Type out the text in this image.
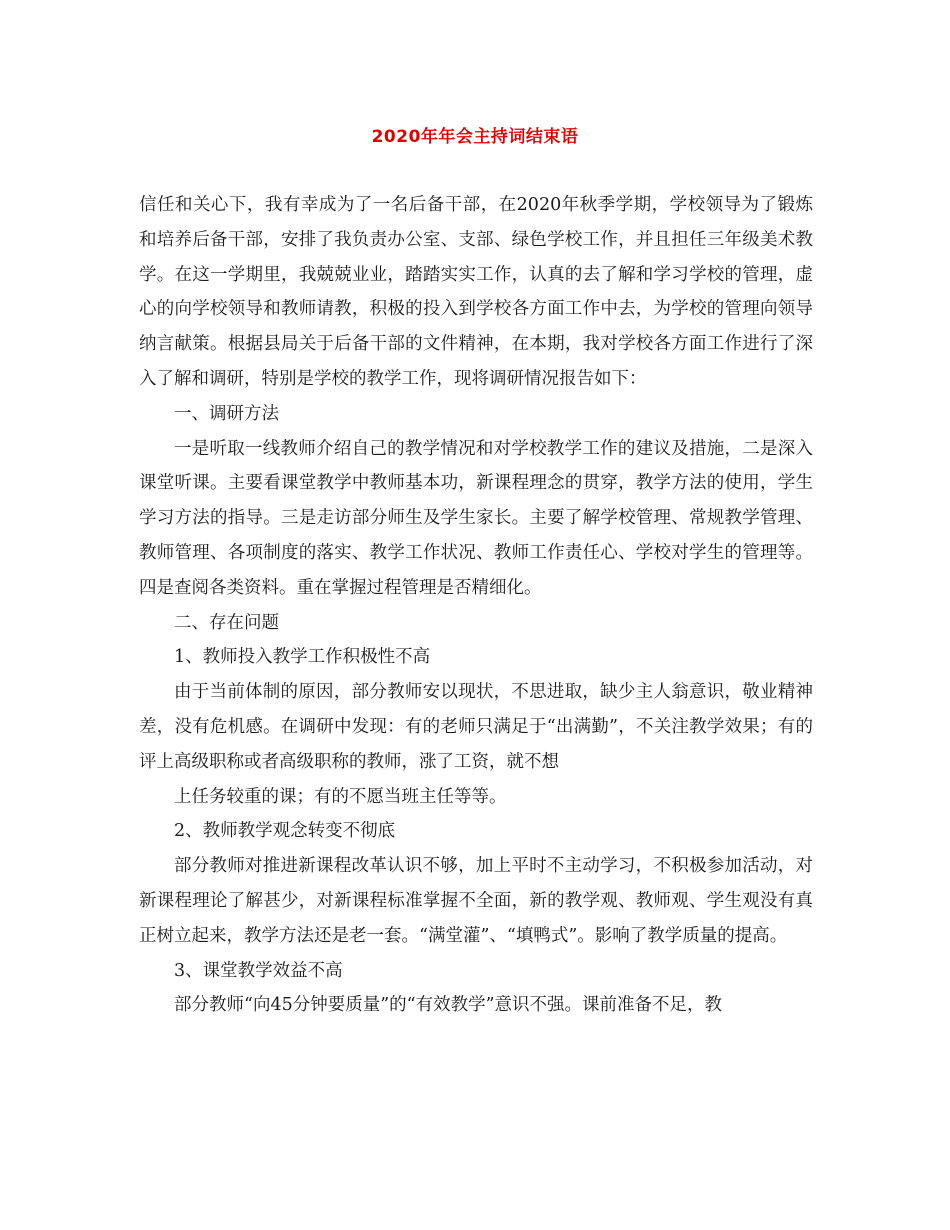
2020年年会主持词结束语

信任和关心下，我有幸成为了一名后备干部，在2020年秋季学期，学校领导为了锻炼和培养后备干部，安排了我负责办公室、支部、绿色学校工作，并且担任三年级美术教学。在这一学期里，我兢兢业业，踏踏实实工作，认真的去了解和学习学校的管理，虚心的向学校领导和教师请教，积极的投入到学校各方面工作中去，为学校的管理向领导纳言献策。根据县局关于后备干部的文件精神，在本期，我对学校各方面工作进行了深入了解和调研，特别是学校的教学工作，现将调研情况报告如下：

一、调研方法

一是听取一线教师介绍自己的教学情况和对学校教学工作的建议及措施，二是深入课堂听课。主要看课堂教学中教师基本功，新课程理念的贯穿，教学方法的使用，学生学习方法的指导。三是走访部分师生及学生家长。主要了解学校管理、常规教学管理、教师管理、各项制度的落实、教学工作状况、教师工作责任心、学校对学生的管理等。四是查阅各类资料。重在掌握过程管理是否精细化。

二、存在问题

1、教师投入教学工作积极性不高

由于当前体制的原因，部分教师安以现状，不思进取，缺少主人翁意识，敬业精神差，没有危机感。在调研中发现：有的老师只满足于“出满勤”，不关注教学效果；有的评上高级职称或者高级职称的教师，涨了工资，就不想

上任务较重的课；有的不愿当班主任等等。

2、教师教学观念转变不彻底

部分教师对推进新课程改革认识不够，加上平时不主动学习，不积极参加活动，对新课程理论了解甚少，对新课程标准掌握不全面，新的教学观、教师观、学生观没有真正树立起来，教学方法还是老一套。“满堂灌”、“填鸭式”。影响了教学质量的提高。

3、课堂教学效益不高

部分教师“向45分钟要质量”的“有效教学”意识不强。课前准备不足，教
